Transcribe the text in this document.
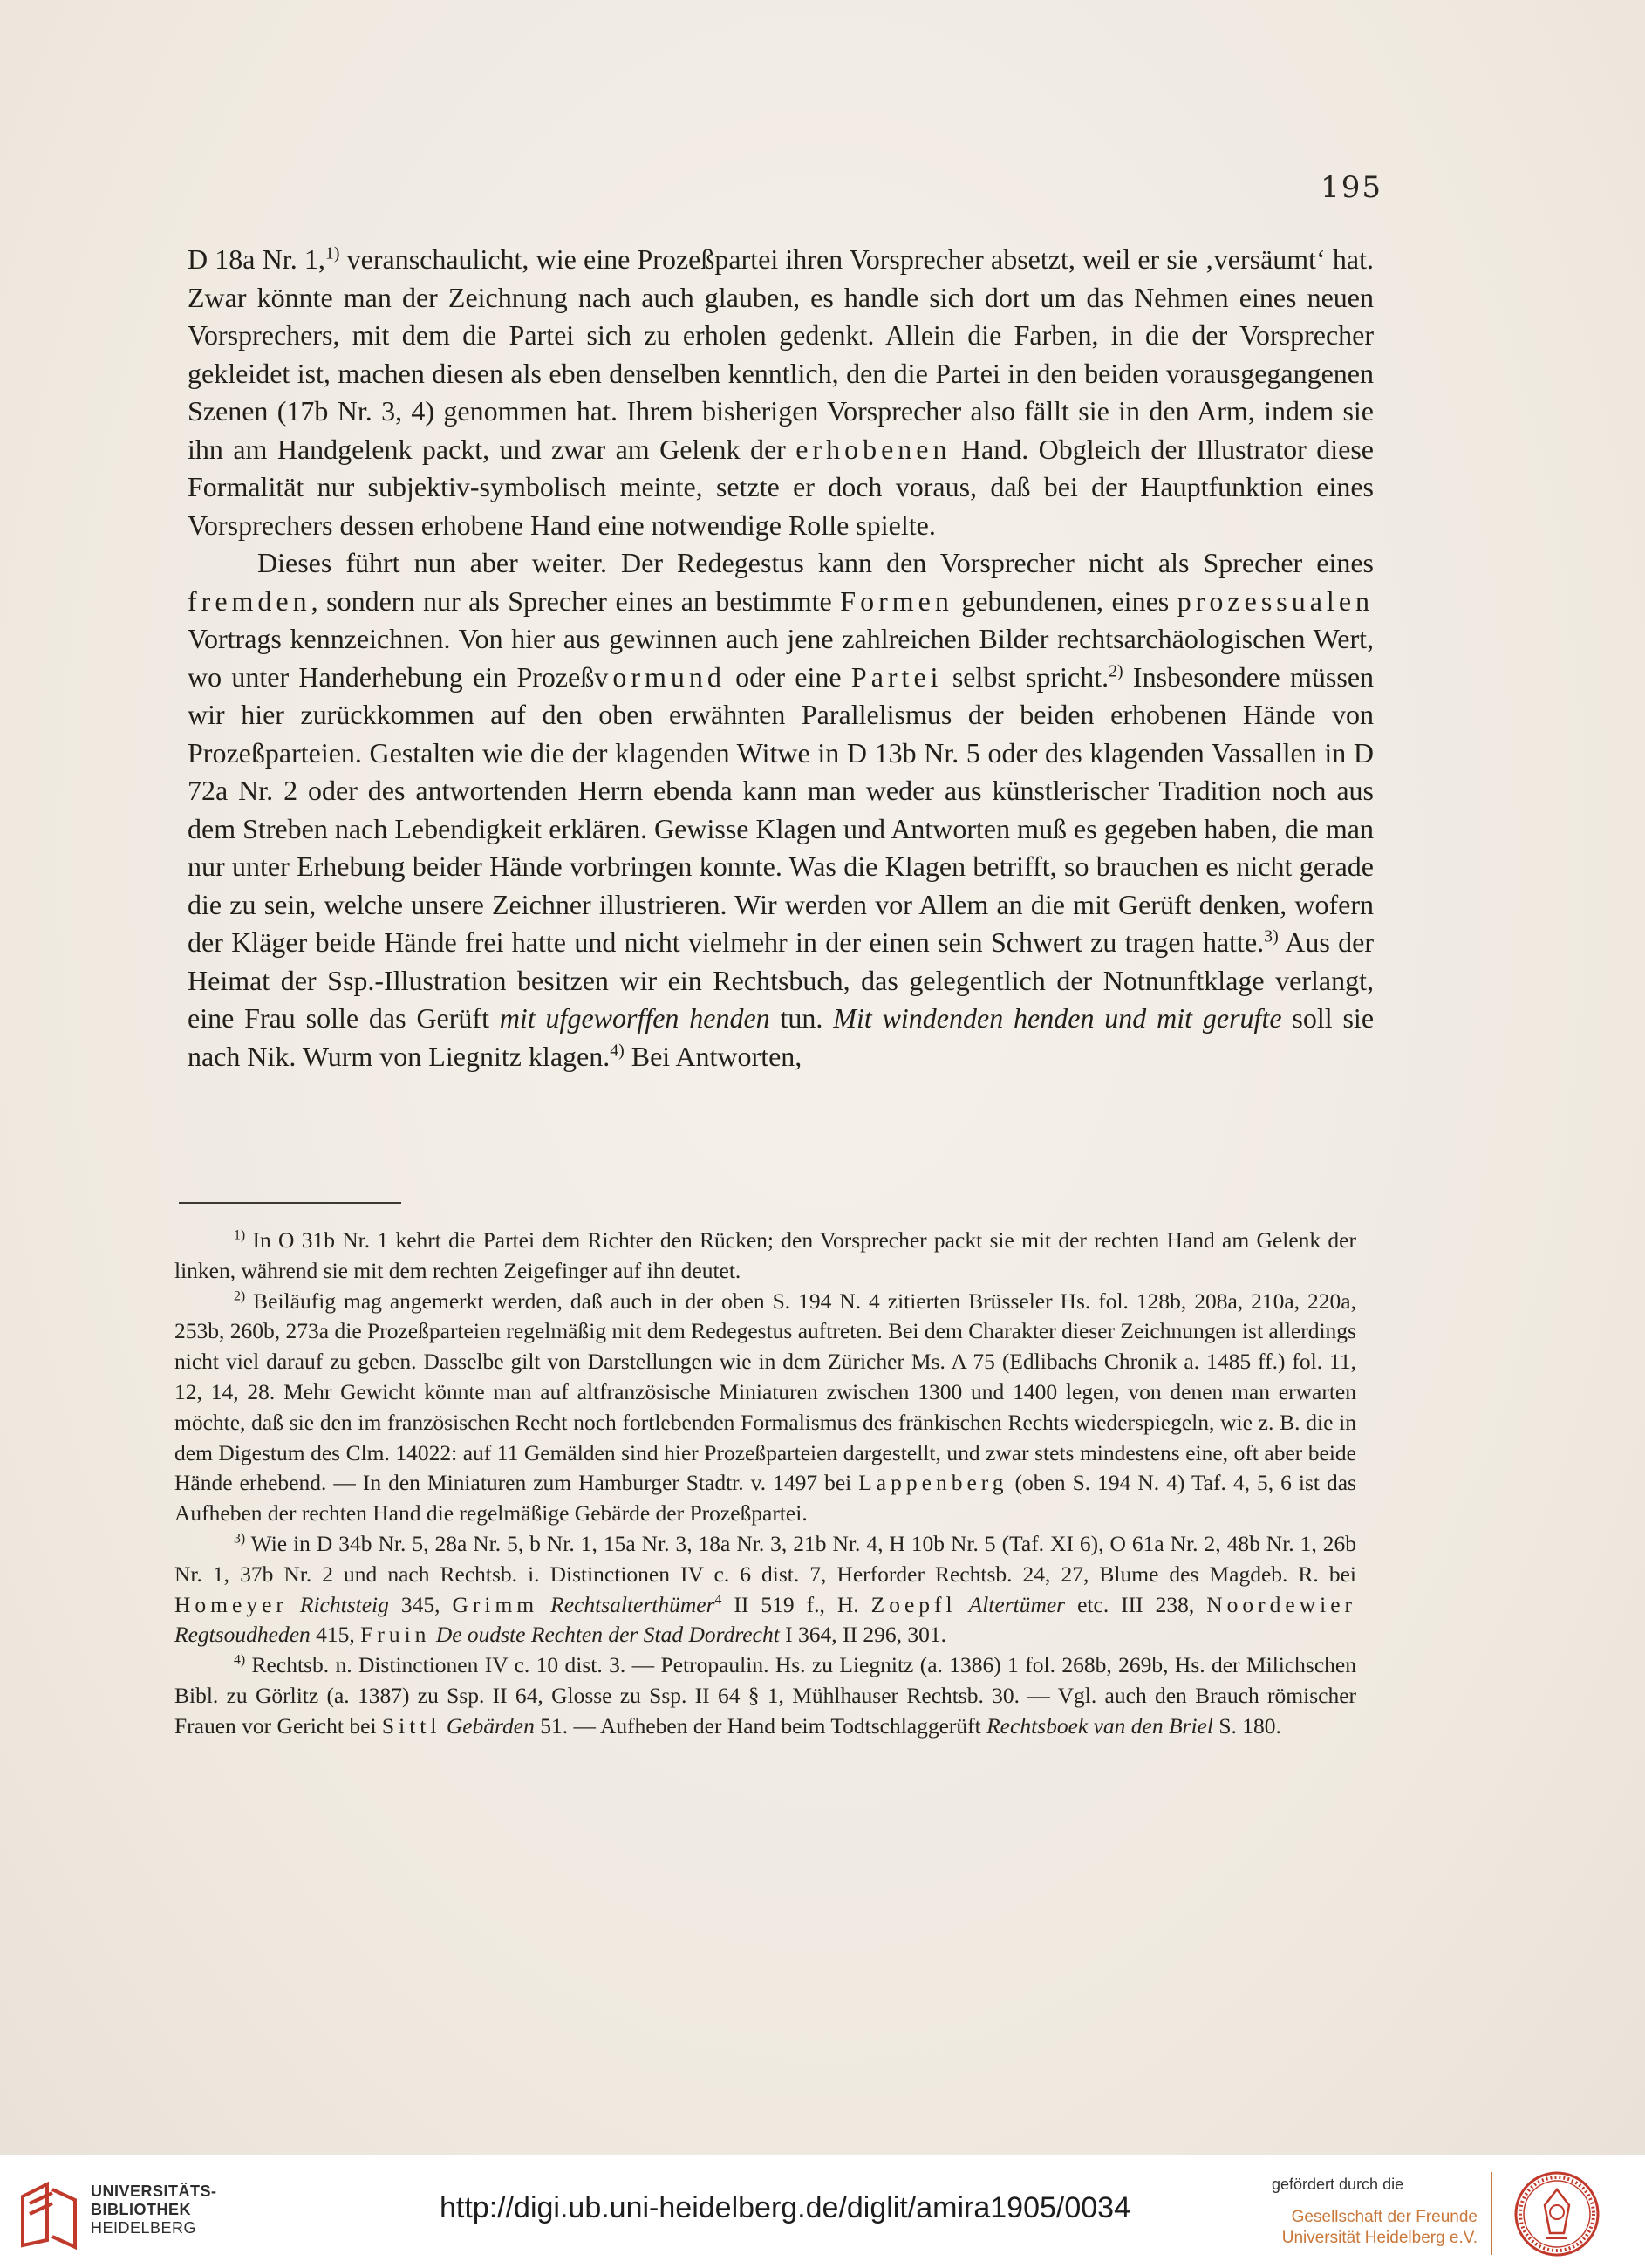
195

D 18a Nr. 1,$^{1)}$ veranschaulicht, wie eine Prozeßpartei ihren Vorsprecher absetzt, weil er sie ‚versäumt‘ hat. Zwar könnte man der Zeichnung nach auch glauben, es handle sich dort um das Nehmen eines neuen Vorsprechers, mit dem die Partei sich zu erholen gedenkt. Allein die Farben, in die der Vorsprecher gekleidet ist, machen diesen als eben denselben kenntlich, den die Partei in den beiden vorausgegangenen Szenen (17b Nr. 3, 4) genommen hat. Ihrem bisherigen Vorsprecher also fällt sie in den Arm, indem sie ihn am Handgelenk packt, und zwar am Gelenk der erhobenen Hand. Obgleich der Illustrator diese Formalität nur subjektiv-symbolisch meinte, setzte er doch voraus, daß bei der Hauptfunktion eines Vorsprechers dessen erhobene Hand eine notwendige Rolle spielte.

Dieses führt nun aber weiter. Der Redegestus kann den Vorsprecher nicht als Sprecher eines fremden, sondern nur als Sprecher eines an bestimmte Formen gebundenen, eines prozessualen Vortrags kennzeichnen. Von hier aus gewinnen auch jene zahlreichen Bilder rechtsarchäologischen Wert, wo unter Handerhebung ein Prozeßvormund oder eine Partei selbst spricht.$^{2)}$ Insbesondere müssen wir hier zurückkommen auf den oben erwähnten Parallelismus der beiden erhobenen Hände von Prozeßparteien. Gestalten wie die der klagenden Witwe in D 13b Nr. 5 oder des klagenden Vassallen in D 72a Nr. 2 oder des antwortenden Herrn ebenda kann man weder aus künstlerischer Tradition noch aus dem Streben nach Lebendigkeit erklären. Gewisse Klagen und Antworten muß es gegeben haben, die man nur unter Erhebung beider Hände vorbringen konnte. Was die Klagen betrifft, so brauchen es nicht gerade die zu sein, welche unsere Zeichner illustrieren. Wir werden vor Allem an die mit Gerüft denken, wofern der Kläger beide Hände frei hatte und nicht vielmehr in der einen sein Schwert zu tragen hatte.$^{3)}$ Aus der Heimat der Ssp.-Illustration besitzen wir ein Rechtsbuch, das gelegentlich der Notnunftklage verlangt, eine Frau solle das Gerüft mit ufgeworffen henden tun. Mit windenden henden und mit gerufte soll sie nach Nik. Wurm von Liegnitz klagen.$^{4)}$ Bei Antworten,

$^{1)}$ In O 31b Nr. 1 kehrt die Partei dem Richter den Rücken; den Vorsprecher packt sie mit der rechten Hand am Gelenk der linken, während sie mit dem rechten Zeigefinger auf ihn deutet.

$^{2)}$ Beiläufig mag angemerkt werden, daß auch in der oben S. 194 N. 4 zitierten Brüsseler Hs. fol. 128b, 208a, 210a, 220a, 253b, 260b, 273a die Prozeßparteien regelmäßig mit dem Redegestus auftreten. Bei dem Charakter dieser Zeichnungen ist allerdings nicht viel darauf zu geben. Dasselbe gilt von Darstellungen wie in dem Züricher Ms. A 75 (Edlibachs Chronik a. 1485 ff.) fol. 11, 12, 14, 28. Mehr Gewicht könnte man auf altfranzösische Miniaturen zwischen 1300 und 1400 legen, von denen man erwarten möchte, daß sie den im französischen Recht noch fortlebenden Formalismus des fränkischen Rechts wiederspiegeln, wie z. B. die in dem Digestum des Clm. 14022: auf 11 Gemälden sind hier Prozeßparteien dargestellt, und zwar stets mindestens eine, oft aber beide Hände erhebend. — In den Miniaturen zum Hamburger Stadtr. v. 1497 bei Lappenberg (oben S. 194 N. 4) Taf. 4, 5, 6 ist das Aufheben der rechten Hand die regelmäßige Gebärde der Prozeßpartei.

$^{3)}$ Wie in D 34b Nr. 5, 28a Nr. 5, b Nr. 1, 15a Nr. 3, 18a Nr. 3, 21b Nr. 4, H 10b Nr. 5 (Taf. XI 6), O 61a Nr. 2, 48b Nr. 1, 26b Nr. 1, 37b Nr. 2 und nach Rechtsb. i. Distinctionen IV c. 6 dist. 7, Herforder Rechtsb. 24, 27, Blume des Magdeb. R. bei Homeyer Richtsteig 345, Grimm Rechtsalterthümer$^4$ II 519 f., H. Zoepfl Altertümer etc. III 238, Noordewier Regtsoudheden 415, Fruin De oudste Rechten der Stad Dordrecht I 364, II 296, 301.

$^{4)}$ Rechtsb. n. Distinctionen IV c. 10 dist. 3. — Petropaulin. Hs. zu Liegnitz (a. 1386) 1 fol. 268b, 269b, Hs. der Milichschen Bibl. zu Görlitz (a. 1387) zu Ssp. II 64, Glosse zu Ssp. II 64 § 1, Mühlhauser Rechtsb. 30. — Vgl. auch den Brauch römischer Frauen vor Gericht bei Sittl Gebärden 51. — Aufheben der Hand beim Todtschlaggerüft Rechtsboek van den Briel S. 180.

UNIVERSITÄTS-
BIBLIOTHEK
HEIDELBERG
http://digi.ub.uni-heidelberg.de/diglit/amira1905/0034
gefördert durch die
Gesellschaft der Freunde
Universität Heidelberg e.V.
